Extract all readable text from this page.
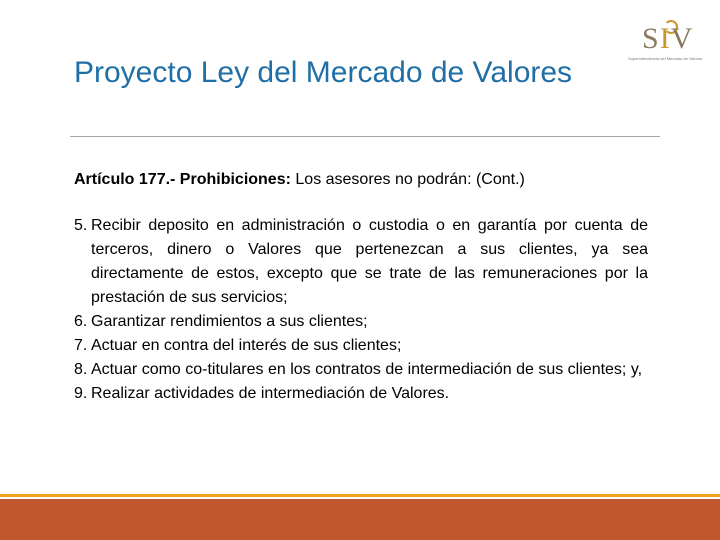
Proyecto Ley del Mercado de Valores
SIV
Superintendencia del Mercado de Valores

Artículo 177.- Prohibiciones: Los asesores no podrán: (Cont.)

5. Recibir deposito en administración o custodia o en garantía por cuenta de terceros, dinero o Valores que pertenezcan a sus clientes, ya sea directamente de estos, excepto que se trate de las remuneraciones por la prestación de sus servicios;
6. Garantizar rendimientos a sus clientes;
7. Actuar en contra del interés de sus clientes;
8. Actuar como co-titulares en los contratos de intermediación de sus clientes; y,
9. Realizar actividades de intermediación de Valores.
